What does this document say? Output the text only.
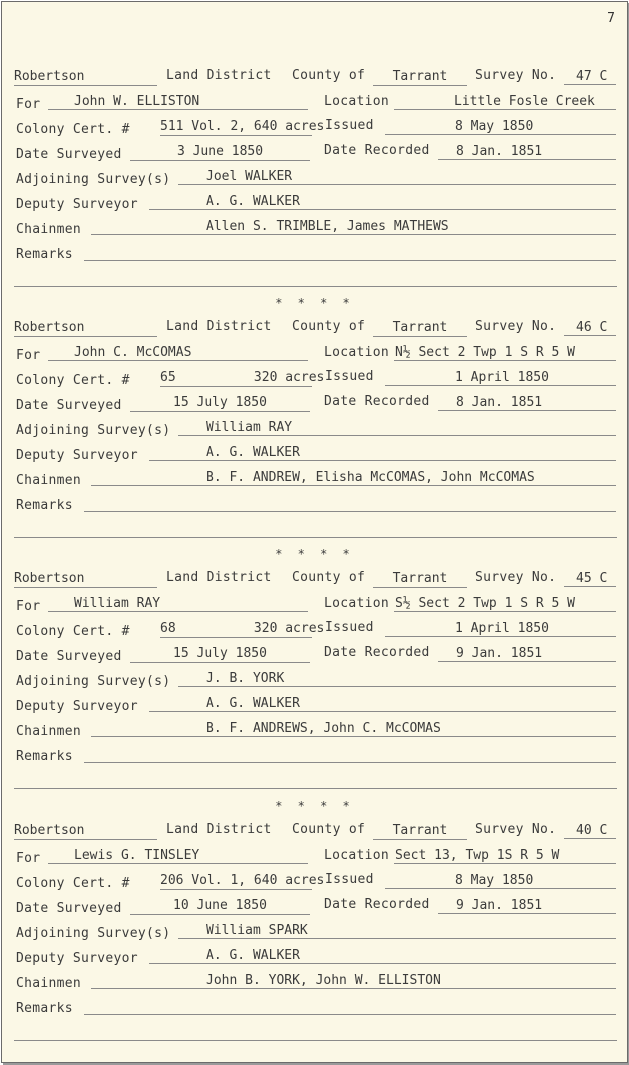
7
Robertson	Land District County of	Tarrant	Survey No.	47 C
For	John W. ELLISTON	Location	Little Fosle Creek
Colony Cert. # 511 Vol. 2, 640 acres Issued	8 May 1850
Date Surveyed	3 June 1850	Date Recorded	8 Jan. 1851
Adjoining Survey(s)	Joel WALKER
Deputy Surveyor	A. G. WALKER
Chainmen	Allen S. TRIMBLE, James MATHEWS
Remarks
* * * *
Robertson	Land District County of	Tarrant	Survey No.	46 C
For	John C. McCOMAS	Location N½ Sect 2 Twp 1 S R 5 W
Colony Cert. # 65          320 acres Issued	1 April 1850
Date Surveyed	15 July 1850	Date Recorded	8 Jan. 1851
Adjoining Survey(s)	William RAY
Deputy Surveyor	A. G. WALKER
Chainmen	B. F. ANDREW, Elisha McCOMAS, John McCOMAS
Remarks
* * * *
Robertson	Land District County of	Tarrant	Survey No.	45 C
For	William RAY	Location S½ Sect 2 Twp 1 S R 5 W
Colony Cert. # 68          320 acres Issued	1 April 1850
Date Surveyed	15 July 1850	Date Recorded	9 Jan. 1851
Adjoining Survey(s)	J. B. YORK
Deputy Surveyor	A. G. WALKER
Chainmen	B. F. ANDREWS, John C. McCOMAS
Remarks
* * * *
Robertson	Land District County of	Tarrant	Survey No.	40 C
For	Lewis G. TINSLEY	Location Sect 13, Twp 1S R 5 W
Colony Cert. # 206 Vol. 1, 640 acres Issued	8 May 1850
Date Surveyed	10 June 1850	Date Recorded	9 Jan. 1851
Adjoining Survey(s)	William SPARK
Deputy Surveyor	A. G. WALKER
Chainmen	John B. YORK, John W. ELLISTON
Remarks
